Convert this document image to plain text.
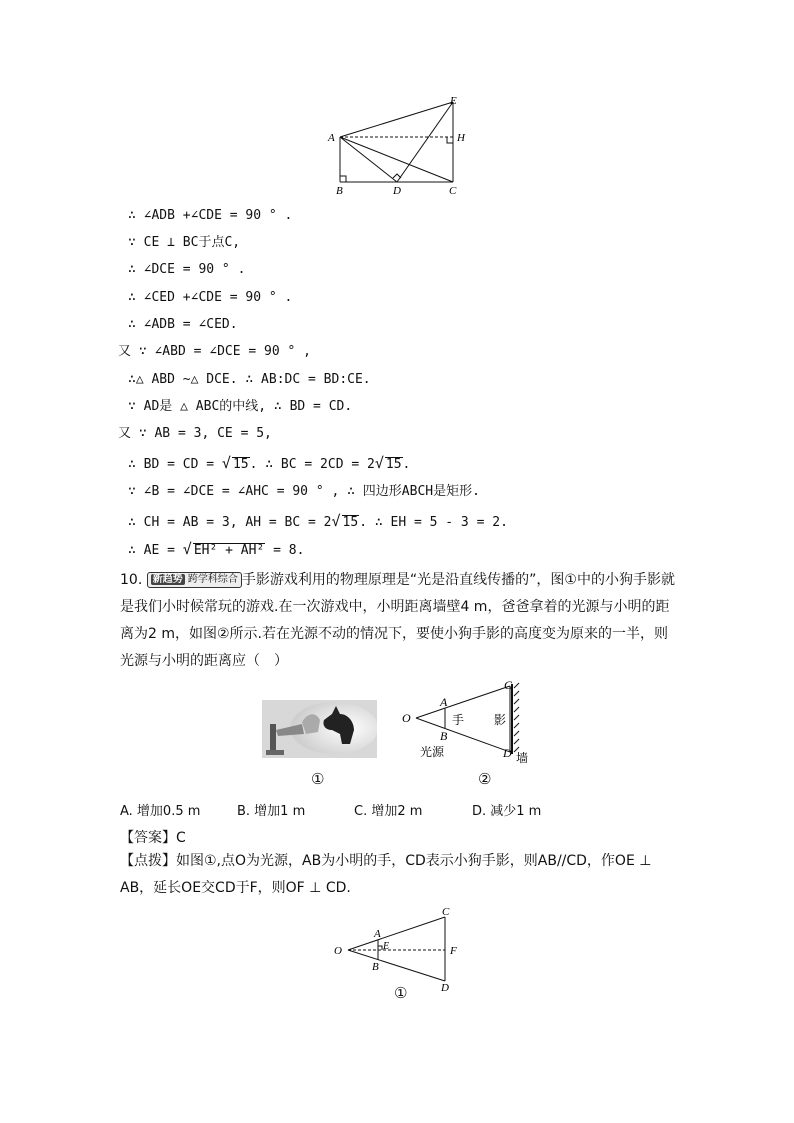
A
B	C
D
E
H
∴ ∠ADB +∠CDE = 90 ° .
∵ CE ⊥ BC于点C,
∴ ∠DCE = 90 ° .
∴ ∠CED +∠CDE = 90 ° .
∴ ∠ADB = ∠CED.
又 ∵ ∠ABD = ∠DCE = 90 ° ,
∴△ ABD ~△ DCE. ∴ AB:DC = BD:CE.
∵ AD是 △ ABC的中线, ∴ BD = CD.
又 ∵ AB = 3, CE = 5,
∴ BD = CD = √ 15. ∴ BC = 2CD = 2√ 15.
∵ ∠B = ∠DCE = ∠AHC = 90 ° , ∴ 四边形ABCH是矩形.
∴ CH = AB = 3, AH = BC = 2√ 15. ∴ EH = 5 - 3 = 2.
∴ AE = √ EH² + AH² = 8.
10. 新趋势 跨学科综合 手影游戏利用的物理原理是“光是沿直线传播的”，图①中的小狗手影就是我们小时候常玩的游戏.在一次游戏中，小明距离墙壁4 m，爸爸拿着的光源与小明的距离为2 m，如图②所示.若在光源不动的情况下，要使小狗手影的高度变为原来的一半，则光源与小明的距离应（　）
O
A
B
C
D
手 影
光源	墙
①	②
A. 增加0.5 m	B. 增加1 m	C. 增加2 m	D. 减少1 m
【答案】C
【点拨】如图①,点O为光源，AB为小明的手，CD表示小狗手影，则AB//CD，作OE ⊥ AB，延长OE交CD于F，则OF ⊥ CD.
O
A
B
C
D
E	F
①
